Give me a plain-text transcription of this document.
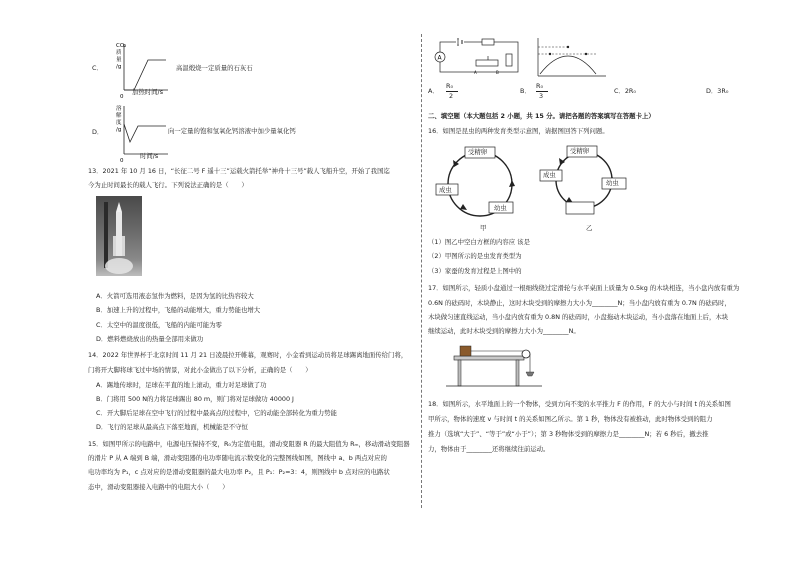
CO₂
质
量
/g
0
C．
加热时间/s
高温煅烧一定质量的石灰石
溶
解
度
/g
0
D．
时间/s
向一定量的饱和氢氧化钙溶液中加少量氧化钙
13．2021 年 10 月 16 日，“长征二号 F 遥十三”运载火箭托举“神舟十三号”载人飞船升空，开始了我国迄
今为止时间最长的载人飞行。下列说法正确的是（　　）
A．火箭可选用液态氢作为燃料，是因为氢的比热容较大
B．加速上升的过程中，飞船的动能增大，重力势能也增大
C．太空中的温度很低，飞船的内能可能为零
D．燃料燃烧放出的热量全部用来做功
14．2022 年世界杯于北京时间 11 月 21 日凌晨拉开帷幕，观赛时，小金看到运动员将足球踢离地面传给门将，
门将开大脚将球飞过中场的情景，对此小金做出了以下分析，正确的是（　　）
A．踢地传球时，足球在平直的地上滚动，重力对足球做了功
B．门将用 500 N的力将足球踢出 80 m，则门将对足球做功 40000 J
C．开大脚后足球在空中飞行的过程中最高点的过程中，它的动能全部转化为重力势能
D．飞行的足球从最高点下落至地面，机械能是不守恒
15．如图甲所示的电路中，电源电压保持不变，R₀为定值电阻，滑动变阻器 R 的最大阻值为 Rₘ，移动滑动变阻器
的滑片 P 从 A 端到 B 端，滑动变阻器的电功率随电流示数变化的完整图线如图，图线中 a、b 两点对应的
电功率均为 P₁，c 点对应的是滑动变阻器的最大电功率 P₂，且 P₁：P₂=3：4，则图线中 b 点对应的电路状
态中，滑动变阻器接入电路中的电阻大小（　　）
A
A	B
A．
R₀
2
B．
R₀
3
C．2R₀	D．3R₀
二、填空题（本大题包括 2 小题，共 15 分。请把各题的答案填写在答题卡上）
16．如图是昆虫的两种发育类型示意图，请据图回答下列问题。
受精卵
成虫
幼虫
甲
受精卵
成虫
幼虫
乙
（1）图乙中空白方框的内容应 该是
（2）甲图所示的是虫发育类型为
（3）家蚕的发育过程是上图中的
17．如图所示，轻质小盘通过一根细线绕过定滑轮与水平桌面上质量为 0.5kg 的木块相连，当小盘内放有重为
0.6N 的砝码时，木块静止，这时木块受到的摩擦力大小为________N；当小盘内放有重为 0.7N 的砝码时，
木块做匀速直线运动，当小盘内放有重为 0.8N 的砝码时，小盘拖动木块运动，当小盘落在地面上后，木块
继续运动，此时木块受到的摩擦力大小为________N。
18．如图所示，水平地面上的一个物体，受到方向不变的水平推力 F 的作用，F 的大小与时间 t 的关系如图
甲所示，物体的速度 v 与时间 t 的关系如图乙所示。第 1 秒，物体没有被推动，此时物体受到的阻力
推力（选填“大于”、“等于”或“小于”）；第 3 秒物体受到的摩擦力是________N；若 6 秒后，撤去推
力，物体由于________还将继续往前运动。
